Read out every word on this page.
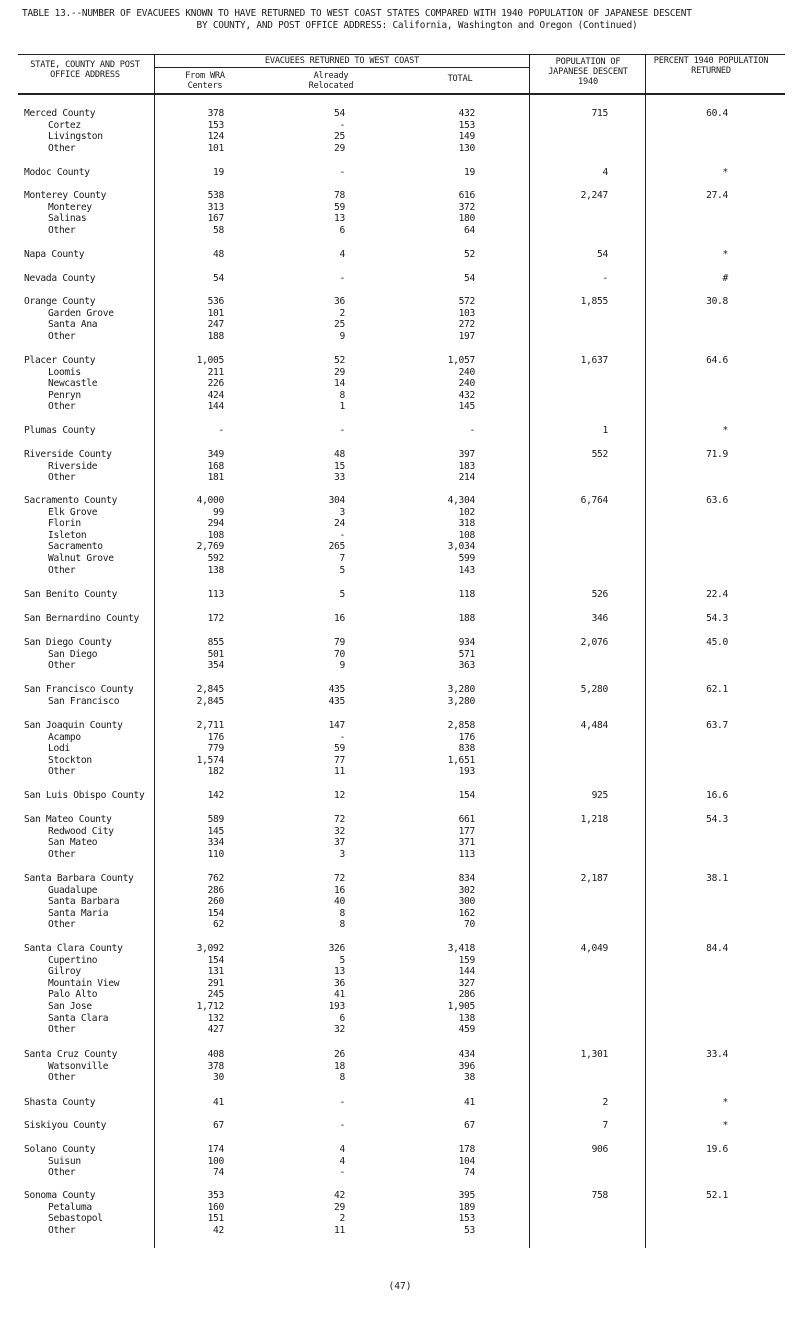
TABLE 13.--NUMBER OF EVACUEES KNOWN TO HAVE RETURNED TO WEST COAST STATES COMPARED WITH 1940 POPULATION OF JAPANESE DESCENT
BY COUNTY, AND POST OFFICE ADDRESS: California, Washington and Oregon (Continued)
STATE, COUNTY AND POST OFFICE ADDRESS
EVACUEES RETURNED TO WEST COAST
From WRA Centers
Already Relocated
TOTAL
POPULATION OF JAPANESE DESCENT 1940
PERCENT 1940 POPULATION RETURNED
Merced County	378	54	432	715	60.4
Cortez	153	-	153
Livingston	124	25	149
Other	101	29	130
Modoc County	19	-	19	4	*
Monterey County	538	78	616	2,247	27.4
Monterey	313	59	372
Salinas	167	13	180
Other	58	6	64
Napa County	48	4	52	54	*
Nevada County	54	-	54	-	#
Orange County	536	36	572	1,855	30.8
Garden Grove	101	2	103
Santa Ana	247	25	272
Other	188	9	197
Placer County	1,005	52	1,057	1,637	64.6
Loomis	211	29	240
Newcastle	226	14	240
Penryn	424	8	432
Other	144	1	145
Plumas County	-	-	-	1	*
Riverside County	349	48	397	552	71.9
Riverside	168	15	183
Other	181	33	214
Sacramento County	4,000	304	4,304	6,764	63.6
Elk Grove	99	3	102
Florin	294	24	318
Isleton	108	-	108
Sacramento	2,769	265	3,034
Walnut Grove	592	7	599
Other	138	5	143
San Benito County	113	5	118	526	22.4
San Bernardino County	172	16	188	346	54.3
San Diego County	855	79	934	2,076	45.0
San Diego	501	70	571
Other	354	9	363
San Francisco County	2,845	435	3,280	5,280	62.1
San Francisco	2,845	435	3,280
San Joaquin County	2,711	147	2,858	4,484	63.7
Acampo	176	-	176
Lodi	779	59	838
Stockton	1,574	77	1,651
Other	182	11	193
San Luis Obispo County	142	12	154	925	16.6
San Mateo County	589	72	661	1,218	54.3
Redwood City	145	32	177
San Mateo	334	37	371
Other	110	3	113
Santa Barbara County	762	72	834	2,187	38.1
Guadalupe	286	16	302
Santa Barbara	260	40	300
Santa Maria	154	8	162
Other	62	8	70
Santa Clara County	3,092	326	3,418	4,049	84.4
Cupertino	154	5	159
Gilroy	131	13	144
Mountain View	291	36	327
Palo Alto	245	41	286
San Jose	1,712	193	1,905
Santa Clara	132	6	138
Other	427	32	459
Santa Cruz County	408	26	434	1,301	33.4
Watsonville	378	18	396
Other	30	8	38
Shasta County	41	-	41	2	*
Siskiyou County	67	-	67	7	*
Solano County	174	4	178	906	19.6
Suisun	100	4	104
Other	74	-	74
Sonoma County	353	42	395	758	52.1
Petaluma	160	29	189
Sebastopol	151	2	153
Other	42	11	53
(47)
